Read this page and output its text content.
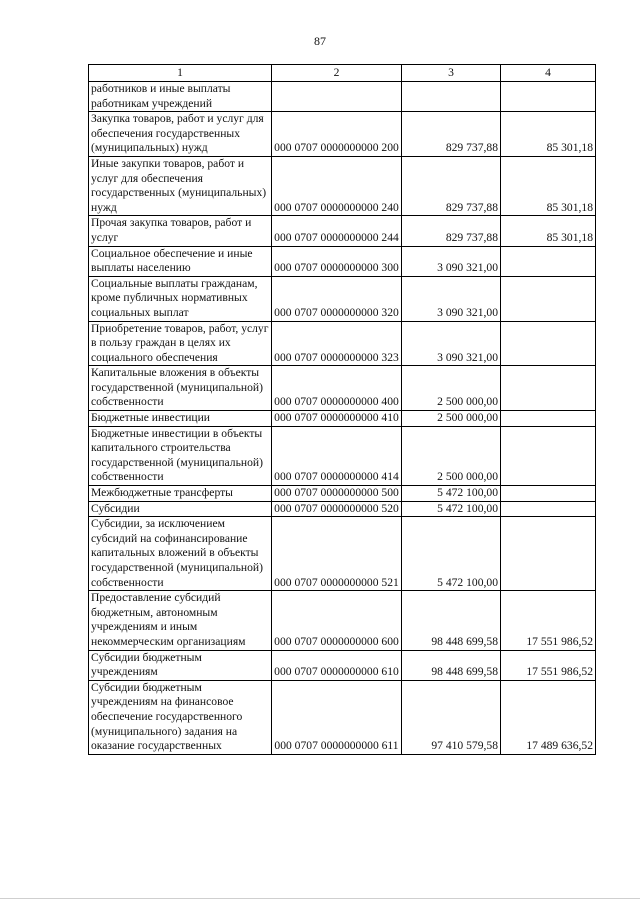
87
1	2	3	4
работников и иные выплаты работникам учреждений			
Закупка товаров, работ и услуг для обеспечения государственных (муниципальных) нужд	000 0707 0000000000 200	829 737,88	85 301,18
Иные закупки товаров, работ и услуг для обеспечения государственных (муниципальных) нужд	000 0707 0000000000 240	829 737,88	85 301,18
Прочая закупка товаров, работ и услуг	000 0707 0000000000 244	829 737,88	85 301,18
Социальное обеспечение и иные выплаты населению	000 0707 0000000000 300	3 090 321,00	
Социальные выплаты гражданам, кроме публичных нормативных социальных выплат	000 0707 0000000000 320	3 090 321,00	
Приобретение товаров, работ, услуг в пользу граждан в целях их социального обеспечения	000 0707 0000000000 323	3 090 321,00	
Капитальные вложения в объекты государственной (муниципальной) собственности	000 0707 0000000000 400	2 500 000,00	
Бюджетные инвестиции	000 0707 0000000000 410	2 500 000,00	
Бюджетные инвестиции в объекты капитального строительства государственной (муниципальной) собственности	000 0707 0000000000 414	2 500 000,00	
Межбюджетные трансферты	000 0707 0000000000 500	5 472 100,00	
Субсидии	000 0707 0000000000 520	5 472 100,00	
Субсидии, за исключением субсидий на софинансирование капитальных вложений в объекты государственной (муниципальной) собственности	000 0707 0000000000 521	5 472 100,00	
Предоставление субсидий бюджетным, автономным учреждениям и иным некоммерческим организациям	000 0707 0000000000 600	98 448 699,58	17 551 986,52
Субсидии бюджетным учреждениям	000 0707 0000000000 610	98 448 699,58	17 551 986,52
Субсидии бюджетным учреждениям на финансовое обеспечение государственного (муниципального) задания на оказание государственных	000 0707 0000000000 611	97 410 579,58	17 489 636,52
